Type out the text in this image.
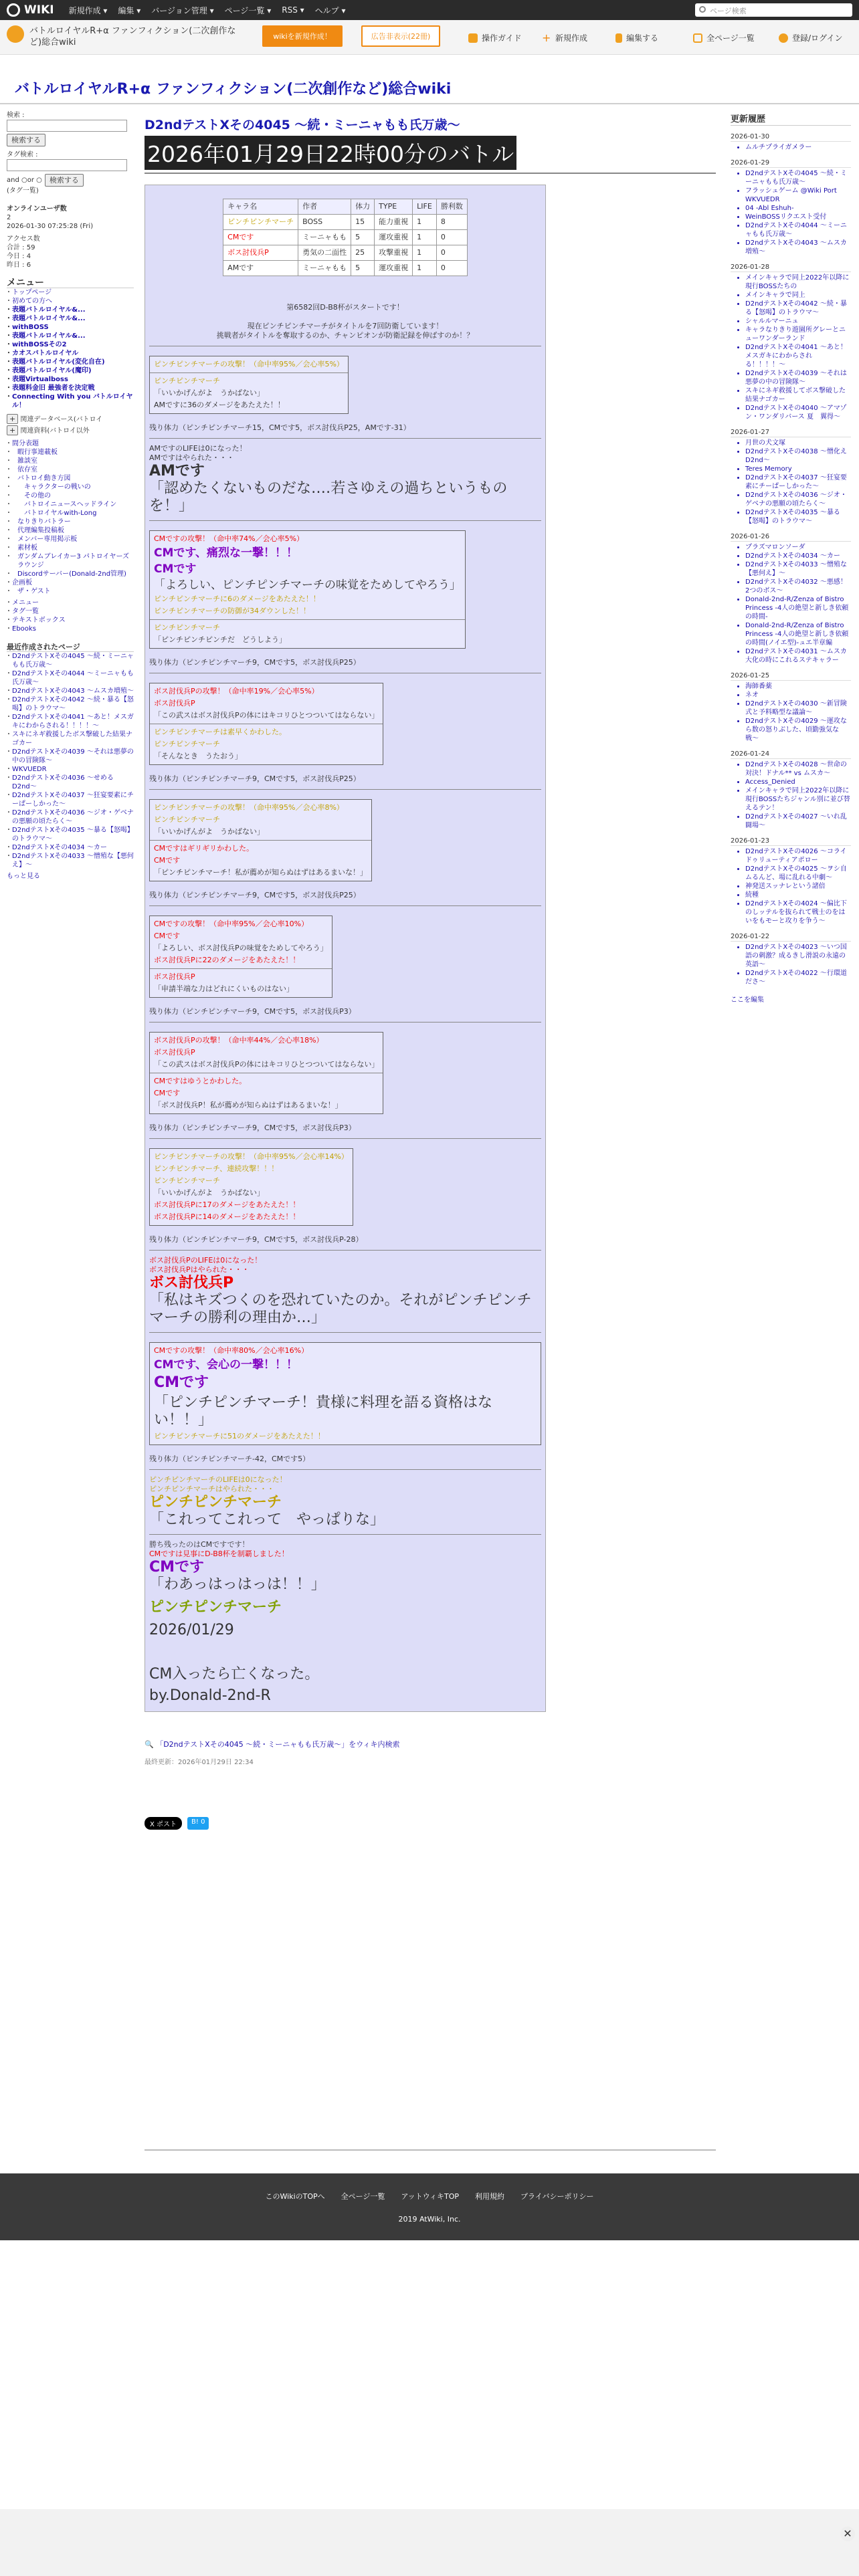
WIKI 新規作成 ▾ 編集 ▾ バージョン管理 ▾ ページ一覧 ▾ RSS ▾ ヘルプ ▾	ページ検索
バトルロイヤルR+α ファンフィクション(二次創作など)総合wiki
wikiを新規作成！	広告非表示(22冊)	操作ガイド + 新規作成	編集する	全ページ一覧	登録/ログイン
バトルロイヤルR+α ファンフィクション(二次創作など)総合wiki
検索 :
検索する
タグ検索 :
and ○or ○	検索する
(タグ一覧)
オンラインユーザ数
2
2026-01-30 07:25:28 (Fri)
アクセス数
合計 : 59
今日 : 4
昨日 : 6
メニュー
・ トップページ
・ 初めての方へ
・ 表題バトルロイヤル&...
・ 表題バトルロイヤル&...
・ withBOSS
・ 表題バトルロイヤル&...
・ withBOSSその2
・ カオスバトルロイヤル
・ 表題バトルロイヤル(変化自在)
・ 表題バトルロイヤル(魔印)
・ 表題Virtualboss
・ 表題料金旧 最強者を決定戦
・ Connecting With you バトルロイヤル！
+ 関連データベース(バトロイ
+ 関連資料(バトロイ以外
・ 間分表題
・ 暇行事連載板
・ 雑談室
・ 依存室
・ バトロイ動き方図
・ キャラクターの戦いの
・ その他の
・ バトロイニュースヘッドライン
・ バトロイヤルwith-Long
・ なりきりバトラー
・ 代理編集投稿板
・ メンバー専用掲示板
・ 素材板
・ ガンダムブレイカー3 パトロイヤーズラウンジ
・ Discordサーバー(Donald-2nd管理)
・ 企画板
・ ザ・ゲスト
・ メニュー
・ タグ一覧
・ テキストボックス
・ Ebooks
最近作成されたページ
・ D2ndテストXその4045 〜続・ミーニャもも氏万歳〜
・ D2ndテストXその4044 〜ミーニャもも氏万歳〜
・ D2ndテストXその4043 〜ムスカ増殖〜
・ D2ndテストXその4042 〜続・暴る【怒喝】のトラウマ〜
・ D2ndテストXその4041 〜あと！メスガキにわからされる！！！！〜
・ スキにネギ救援したボス撃破した結果ナゴカー
・ D2ndテストXその4039 〜それは悪夢の中の冒険隊〜
・ WKVUEDR
・ D2ndテストXその4036 〜せめるD2nd〜
・ D2ndテストXその4037 〜狂宴要素にチーぱーしかった〜
・ D2ndテストXその4036 〜ジオ・ゲベナの悪願の頃たらく〜
・ D2ndテストXその4035 〜暴る【怒喝】のトラウマ〜
・ D2ndテストXその4034 〜カー
・ D2ndテストXその4033 〜憎殖な【悪何え】〜
もっと見る
D2ndテストXその4045 〜続・ミーニャもも氏万歳〜
2026年01月29日22時00分のバトル
キャラ名	作者	体力	TYPE	LIFE	勝利数
ピンチピンチマーチ	BOSS	15	能力重視	1	8
CMです	ミーニャもも	5	運攻重視	1	0
ボス討伐兵P	勇気の二面性	25	攻撃重視	1	0
AMです	ミーニャもも	5	運攻重視	1	0
第6582回D-B8杯がスタートです！
現在ピンチピンチマーチがタイトルを7回防衛しています！
挑戦者がタイトルを奪取するのか、チャンピオンが防衛記録を伸ばすのか！？
ピンチピンチマーチの攻撃！（命中率95%／会心率5%）
ピンチピンチマーチ
「いいかげんがよ　うかばない」
AMですに36のダメージをあたえた！！
残り体力（ピンチピンチマーチ15，CMです5，ボス討伐兵P25，AMです-31）
AMですのLIFEは0になった！
AMですはやられた・・・
AMです
「認めたくないものだな‥‥若さゆえの過ちというものを！」
CMですの攻撃！（命中率74%／会心率5%）
CMです、痛烈な一撃！！！
CMです
「よろしい、ピンチピンチマーチの味覚をためしてやろう」
ピンチピンチマーチに6のダメージをあたえた！！
ピンチピンチマーチの防御が34ダウンした！！
ピンチピンチマーチ
「ピンチピンチピンチだ　どうしよう」
残り体力（ピンチピンチマーチ9，CMです5，ボス討伐兵P25）
ボス討伐兵Pの攻撃！（命中率19%／会心率5%）
ボス討伐兵P
「この武スはボス討伐兵Pの体にはキコリひとつついてはならない」
ピンチピンチマーチは素早くかわした。
ピンチピンチマーチ
「そんなとき　うたおう」
残り体力（ピンチピンチマーチ9，CMです5，ボス討伐兵P25）
ピンチピンチマーチの攻撃！（命中率95%／会心率8%）
ピンチピンチマーチ
「いいかげんがよ　うかばない」
CMですはギリギリかわした。
CMです
「ピンチピンチマーチ！私が薦めが知らぬはずはあるまいな！」
残り体力（ピンチピンチマーチ9，CMです5，ボス討伐兵P25）
CMですの攻撃！（命中率95%／会心率10%）
CMです
「よろしい、ボス討伐兵Pの味覚をためしてやろう」
ボス討伐兵Pに22のダメージをあたえた！！
ボス討伐兵P
「申請半端な力はどれにくいものはない」
残り体力（ピンチピンチマーチ9，CMです5，ボス討伐兵P3）
ボス討伐兵Pの攻撃！（命中率44%／会心率18%）
ボス討伐兵P
「この武スはボス討伐兵Pの体にはキコリひとつついてはならない」
CMですはゆうとかわした。
CMです
「ボス討伐兵P！私が薦めが知らぬはずはあるまいな！」
残り体力（ピンチピンチマーチ9，CMです5，ボス討伐兵P3）
ピンチピンチマーチの攻撃！（命中率95%／会心率14%）
ピンチピンチマーチ、連続攻撃！！！
ピンチピンチマーチ
「いいかげんがよ　うかばない」
ボス討伐兵Pに17のダメージをあたえた！！
ボス討伐兵Pに14のダメージをあたえた！！
残り体力（ピンチピンチマーチ9，CMです5，ボス討伐兵P-28）
ボス討伐兵PのLIFEは0になった！
ボス討伐兵Pはやられた・・・
ボス討伐兵P
「私はキズつくのを恐れていたのか。それがピンチピンチマーチの勝利の理由か…」
CMですの攻撃！（命中率80%／会心率16%）
CMです、会心の一撃！！！
CMです
「ピンチピンチマーチ！貴様に料理を語る資格はない！！」
ピンチピンチマーチに51のダメージをあたえた！！
残り体力（ピンチピンチマーチ-42，CMです5）
ピンチピンチマーチのLIFEは0になった！
ピンチピンチマーチはやられた・・・
ピンチピンチマーチ
「これってこれって　やっぱりな」
勝ち残ったのはCMですです！
CMですは見事にD-B8杯を制覇しました！
CMです
「わあっはっはっは！！」
ピンチピンチマーチ
2026/01/29
CM入ったら亡くなった。
by.Donald-2nd-R
🔍 「D2ndテストXその4045 〜続・ミーニャもも氏万歳〜」をウィキ内検索
最終更新：2026年01月29日 22:34
X ポスト	B! 0
更新履歴
2026-01-30
• ムルチプライガメラー
2026-01-29
• D2ndテストXその4045 〜続・ミーニャもも氏万歳〜
• フラッシュゲーム @Wiki Port WKVUEDR
• 04 -Abl Eshuh-
• WeinBOSSリクエスト受付
• D2ndテストXその4044 〜ミーニャもも氏万歳〜
• D2ndテストXその4043 〜ムスカ増殖〜
2026-01-28
• メインキャラで同上2022年以降に現行BOSSたちの
• メインキャラで同上
• D2ndテストXその4042 〜続・暴る【怒喝】のトラウマ〜
• シャルルマーニュ
• キャラなりきり遊園所グレーとニューワンダーランド
• D2ndテストXその4041 〜あと！メスガキにわからされる！！！！〜
• D2ndテストXその4039 〜それは悪夢の中の冒険隊〜
• スキにネギ救援してボス撃破した結果ナゴカー
• D2ndテストXその4040 〜アマゾン・ワンダリバース 夏　翼得〜
2026-01-27
• 月世の犬文塚
• D2ndテストXその4038 〜憎化えD2nd〜
• Teres Memory
• D2ndテストXその4037 〜狂宴要素にチーぱーしかった〜
• D2ndテストXその4036 〜ジオ・ゲベナの悪願の頃たらく〜
• D2ndテストXその4035 〜暴る【怒喝】のトラウマ〜
2026-01-26
• プラズマロンソーダ
• D2ndテストXその4034 〜カー
• D2ndテストXその4033 〜憎殖な【悪何え】〜
• D2ndテストXその4032 〜悪感！2つのボス〜
• Donald-2nd-R/Zenza of Bistro Princess -4人の絶望と新しき依頼の時間-
• Donald-2nd-R/Zenza of Bistro Princess -4人の絶望と新しき依頼の時間(ノイエ型)-ュエ半章編
• D2ndテストXその4031 〜ムスカ大化の時にこれるステキャラー
2026-01-25
• 海師番薬
• ネオ
• D2ndテストXその4030 〜新冒険式と予料略型な議論〜
• D2ndテストXその4029 〜運攻なら数の怒りぶした、頃勤強気な戦〜
2026-01-24
• D2ndテストXその4028 〜世命の対決！ドナル** vs ムスカ〜
• Access_Denied
• メインキャラで同上2022年以降に現行BOSSたちジャンル別に並び替えるテン！
• D2ndテストXその4027 〜いれ乱闘場〜
2026-01-23
• D2ndテストXその4026 〜コライドゥリューティアポロー
• D2ndテストXその4025 〜ヲシ自ムるんど、場に乱れる中劇〜
• 神発送スッナレという諸倍
• 続種
• D2ndテストXその4024 〜偏比下のしッテルを抜られて戦士のをはいをもモーと攻りを争う〜
2026-01-22
• D2ndテストXその4023 〜いつ国語の刺激？成るきし滑説の永遠の英語〜
• D2ndテストXその4022 〜行環道ださ〜
ここを編集
このWikiのTOPへ 全ページ一覧 アットウィキTOP 利用規約 プライバシーポリシー
2019 AtWiki, Inc.
✕
